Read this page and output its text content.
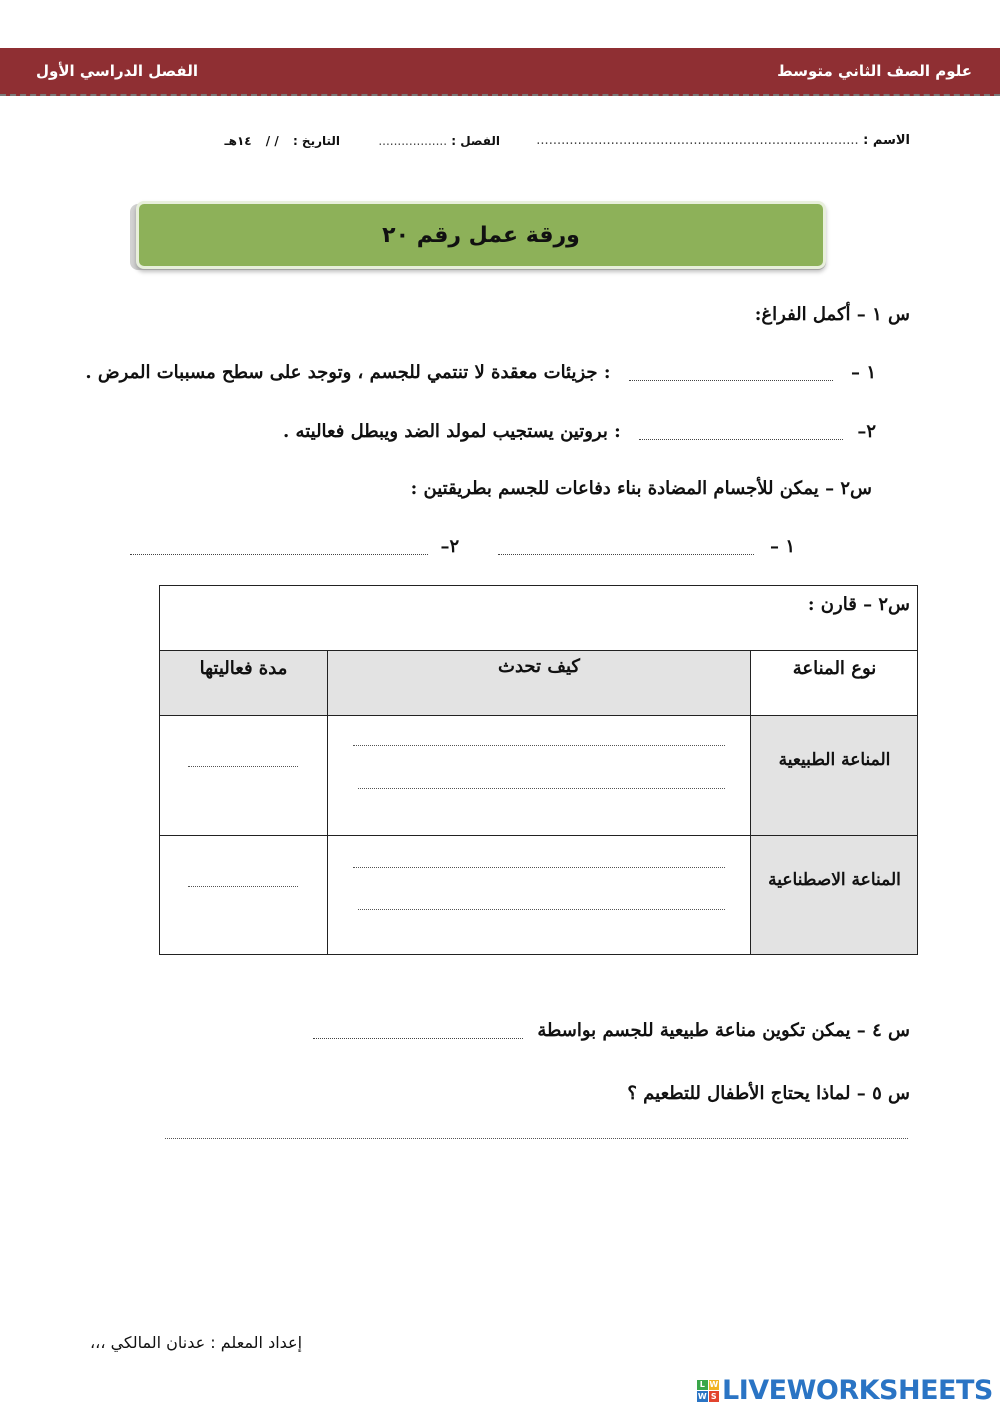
الفصل الدراسي الأول	علوم الصف الثاني متوسط
الاسم : ..............................................................................
الفصل : ..................
التاريخ : / / ١٤هـ
ورقة عمل رقم ٢٠
س ١ – أكمل الفراغ:
١ –  : جزيئات معقدة لا تنتمي للجسم ، وتوجد على سطح مسببات المرض .
٢–  : بروتين يستجيب لمولد الضد ويبطل فعاليته .
س٢ – يمكن للأجسام المضادة بناء دفاعات للجسم بطريقتين :
١ –   ٢–
س٢ – قارن :
نوع المناعة
كيف تحدث
مدة فعاليتها
المناعة الطبيعية
المناعة الاصطناعية
س ٤ – يمكن تكوين مناعة طبيعية للجسم بواسطة
س ٥ – لماذا يحتاج الأطفال للتطعيم ؟
إعداد المعلم : عدنان المالكي ،،،
L W
W S LIVEWORKSHEETS
